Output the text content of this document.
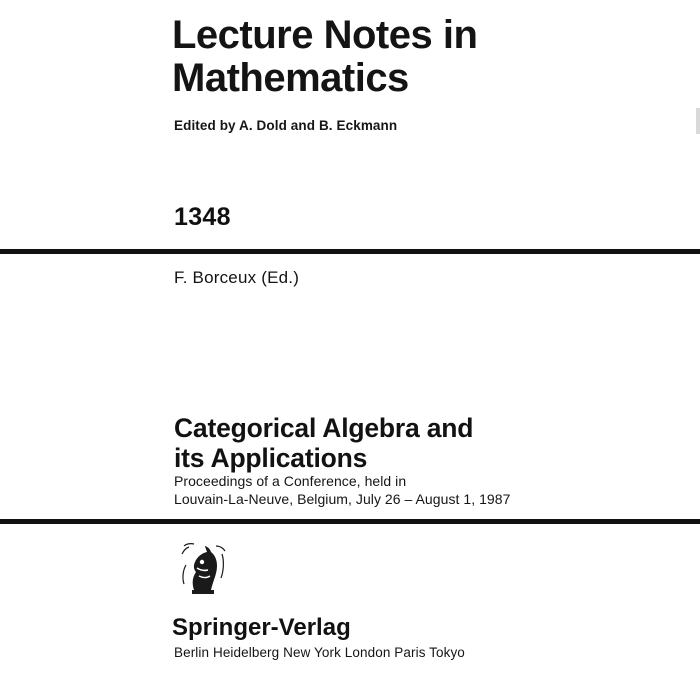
Lecture Notes in
Mathematics
Edited by A. Dold and B. Eckmann
1348
F. Borceux (Ed.)
Categorical Algebra and
its Applications
Proceedings of a Conference, held in
Louvain-La-Neuve, Belgium, July 26 – August 1, 1987
Springer-Verlag
Berlin Heidelberg New York London Paris Tokyo
